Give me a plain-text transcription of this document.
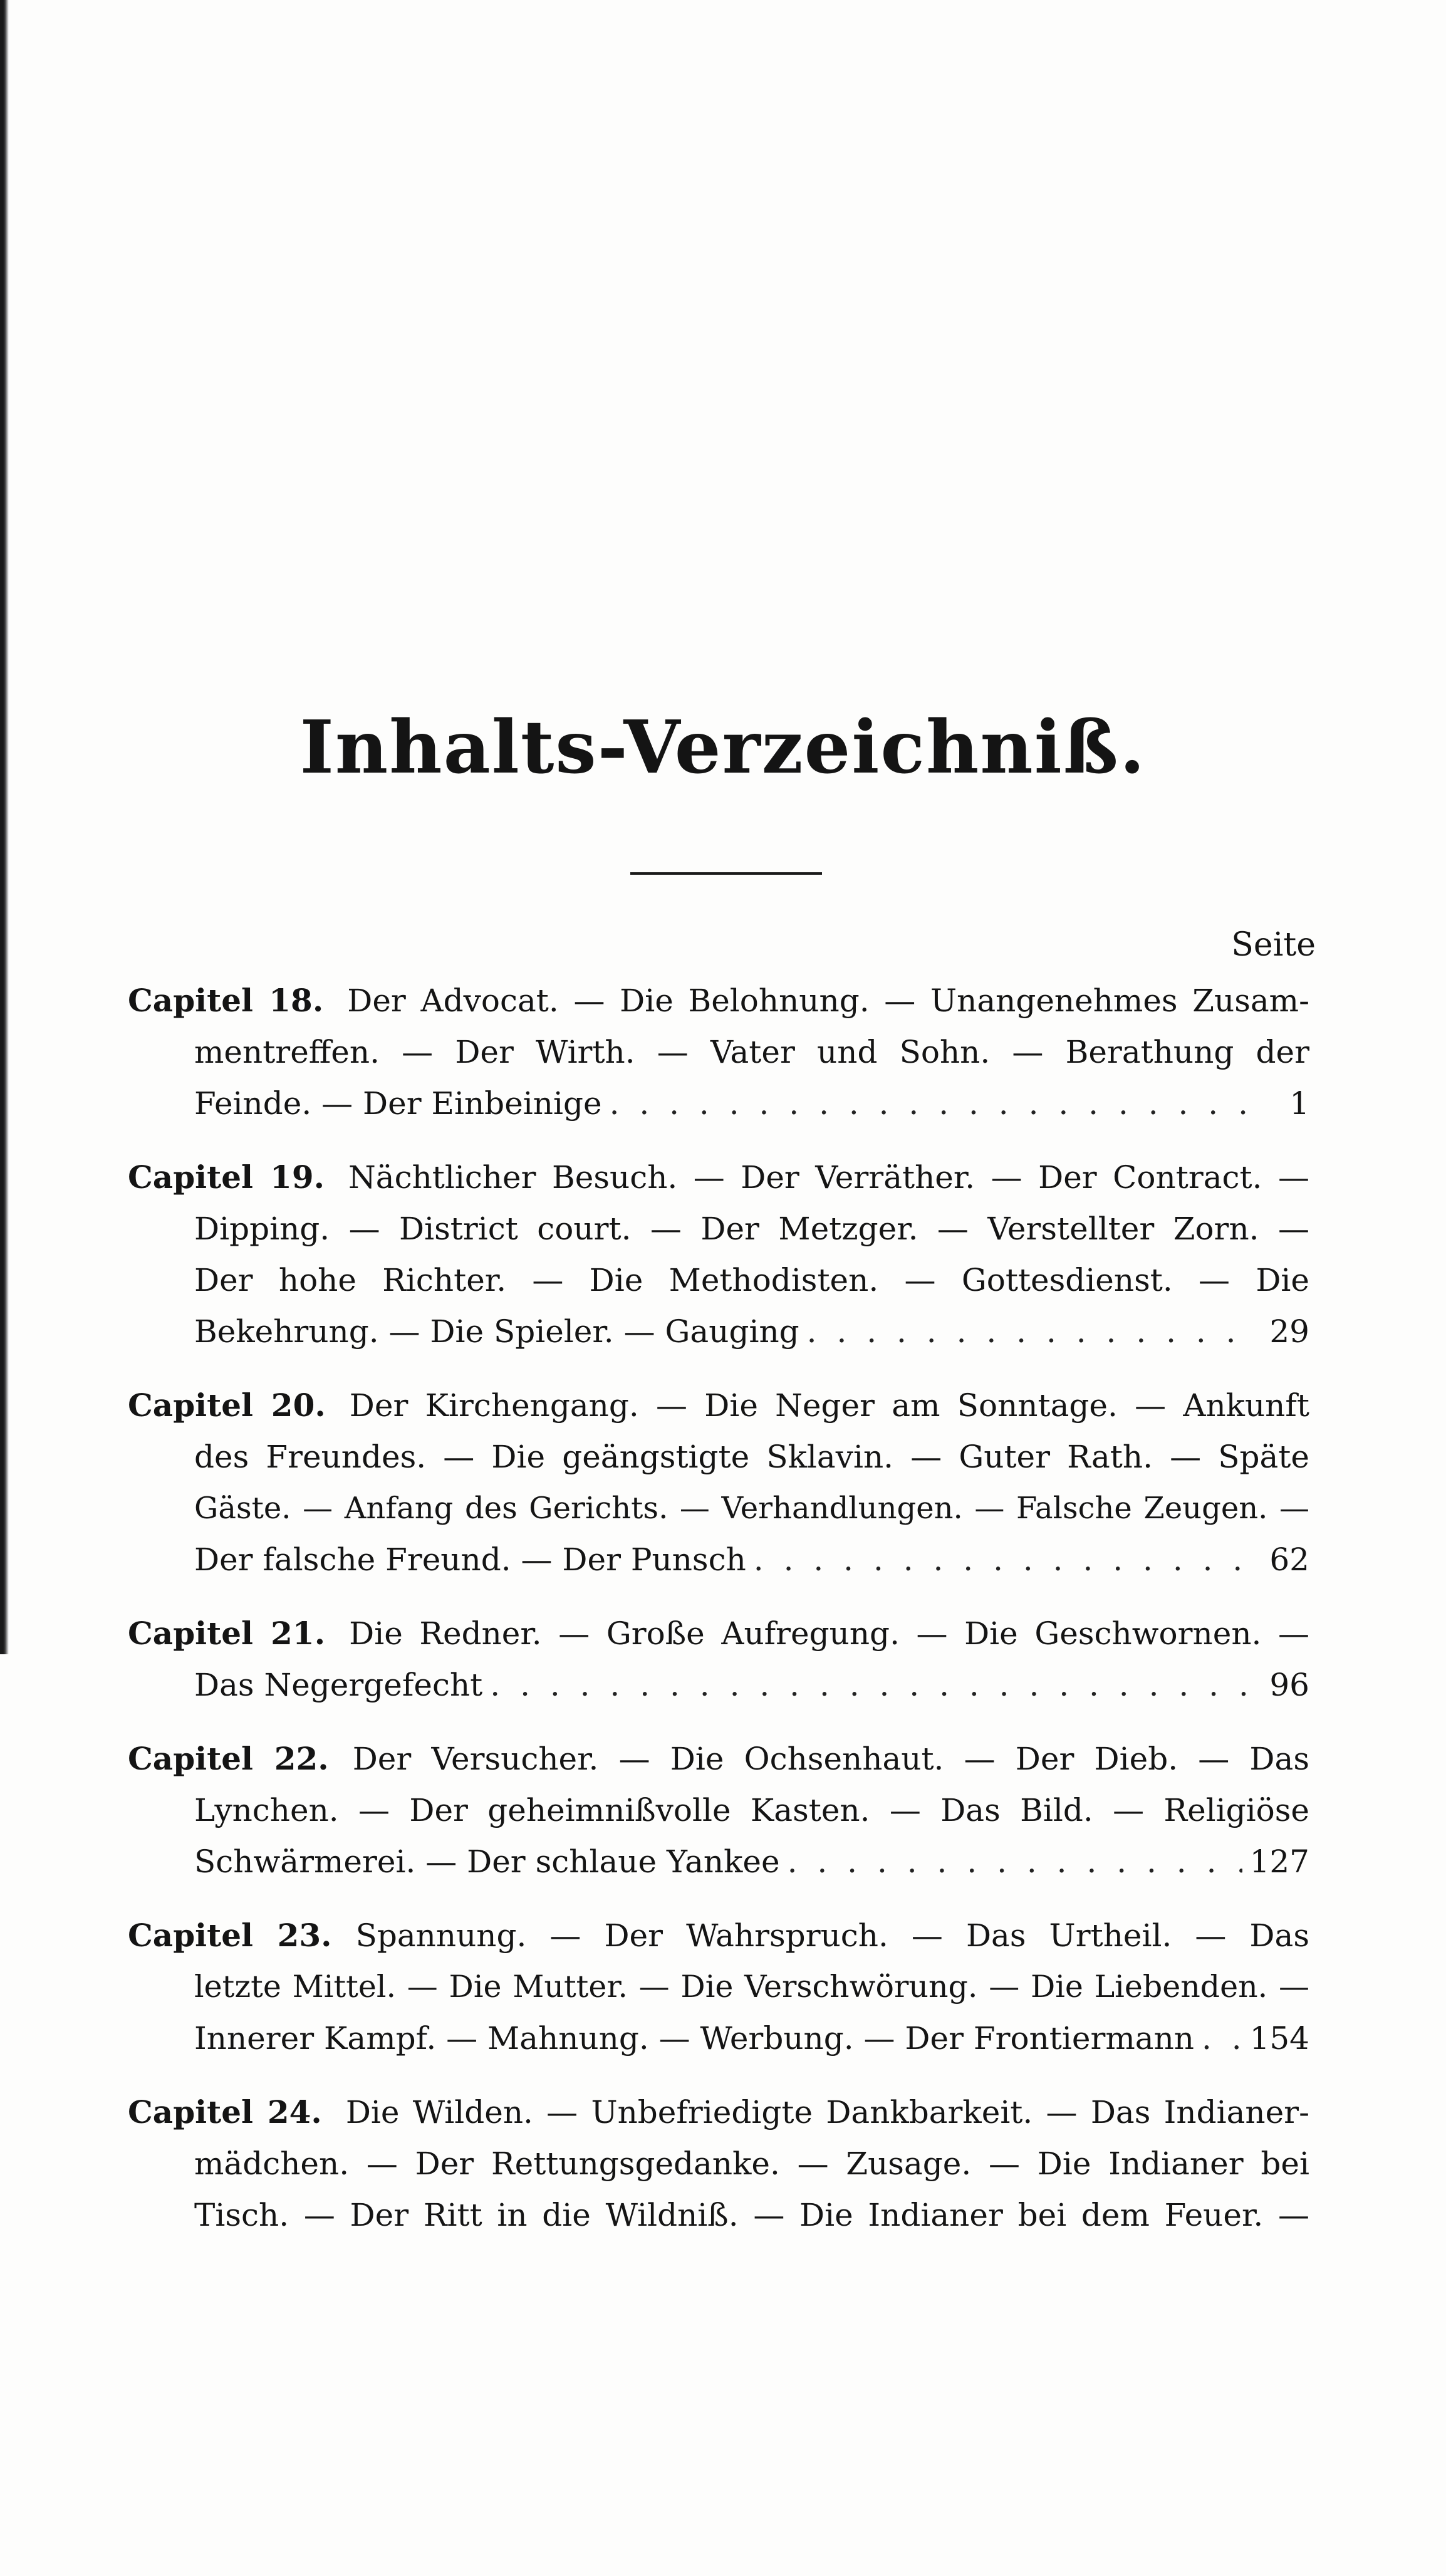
Inhalts-Verzeichniß.
Seite
Capitel 18. Der Advocat. — Die Belohnung. — Unangenehmes Zusam-
mentreffen. — Der Wirth. — Vater und Sohn. — Berathung der
Feinde. — Der Einbeinige . . .	1
Capitel 19. Nächtlicher Besuch. — Der Verräther. — Der Contract. —
Dipping. — District court. — Der Metzger. — Verstellter Zorn. —
Der hohe Richter. — Die Methodisten. — Gottesdienst. — Die
Bekehrung. — Die Spieler. — Gauging . . .	29
Capitel 20. Der Kirchengang. — Die Neger am Sonntage. — Ankunft
des Freundes. — Die geängstigte Sklavin. — Guter Rath. — Späte
Gäste. — Anfang des Gerichts. — Verhandlungen. — Falsche Zeugen. —
Der falsche Freund. — Der Punsch . . .	62
Capitel 21. Die Redner. — Große Aufregung. — Die Geschwornen. —
Das Negergefecht . . .	96
Capitel 22. Der Versucher. — Die Ochsenhaut. — Der Dieb. — Das
Lynchen. — Der geheimnißvolle Kasten. — Das Bild. — Religiöse
Schwärmerei. — Der schlaue Yankee . . .	127
Capitel 23. Spannung. — Der Wahrspruch. — Das Urtheil. — Das
letzte Mittel. — Die Mutter. — Die Verschwörung. — Die Liebenden. —
Innerer Kampf. — Mahnung. — Werbung. — Der Frontiermann . . . 154
Capitel 24. Die Wilden. — Unbefriedigte Dankbarkeit. — Das Indianer-
mädchen. — Der Rettungsgedanke. — Zusage. — Die Indianer bei
Tisch. — Der Ritt in die Wildniß. — Die Indianer bei dem Feuer. —
